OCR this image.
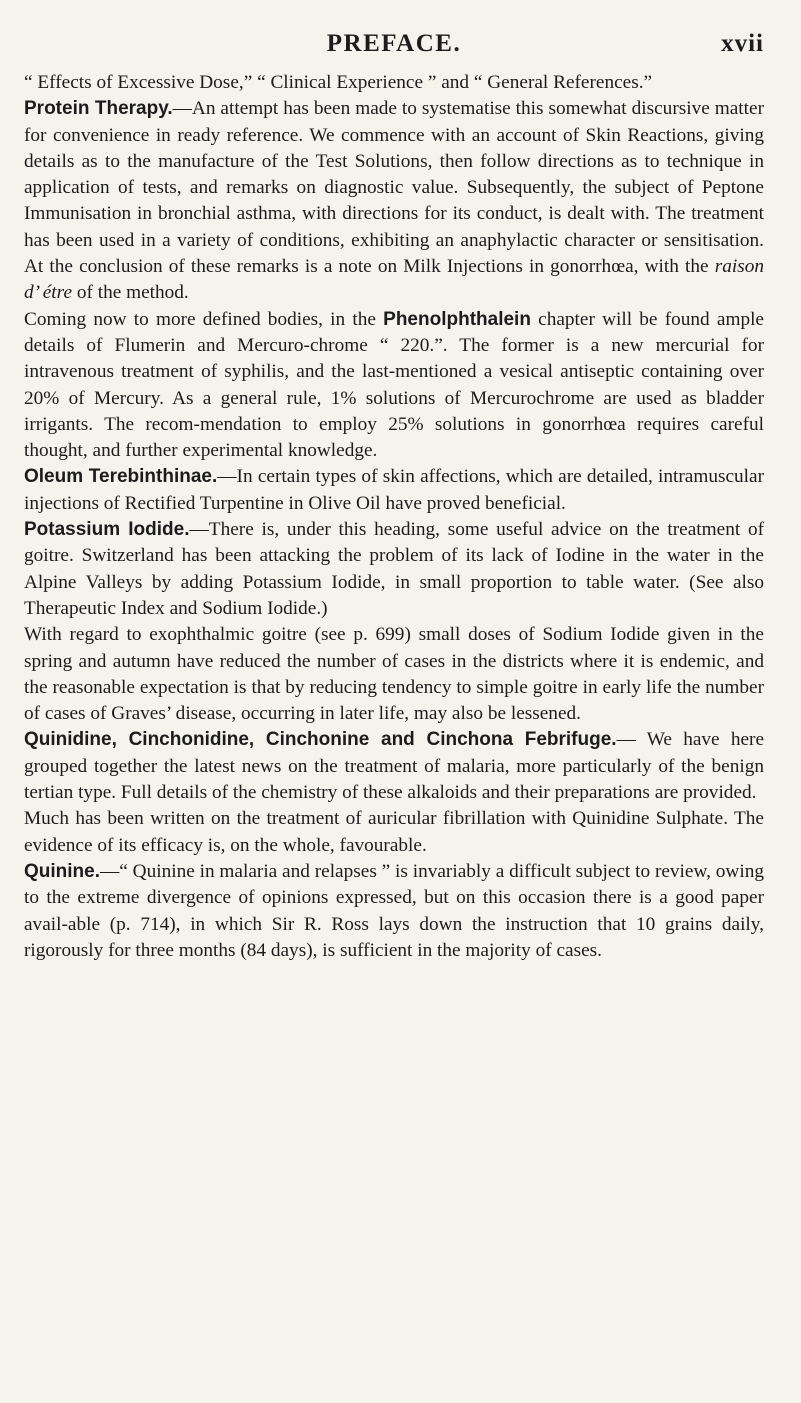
PREFACE.	xvii

“ Effects of Excessive Dose,” “ Clinical Experience ” and “ General References.”

Protein Therapy.—An attempt has been made to systematise this somewhat discursive matter for convenience in ready reference. We commence with an account of Skin Reactions, giving details as to the manufacture of the Test Solutions, then follow directions as to technique in application of tests, and remarks on diagnostic value. Subsequently, the subject of Peptone Immunisation in bronchial asthma, with directions for its conduct, is dealt with. The treatment has been used in a variety of conditions, exhibiting an anaphylactic character or sensitisation. At the conclusion of these remarks is a note on Milk Injections in gonorrhœa, with the raison d’ étre of the method.

Coming now to more defined bodies, in the Phenolphthalein chapter will be found ample details of Flumerin and Mercuro-chrome “ 220.”. The former is a new mercurial for intravenous treatment of syphilis, and the last-mentioned a vesical antiseptic containing over 20% of Mercury. As a general rule, 1% solutions of Mercurochrome are used as bladder irrigants. The recom-mendation to employ 25% solutions in gonorrhœa requires careful thought, and further experimental knowledge.

Oleum Terebinthinae.—In certain types of skin affections, which are detailed, intramuscular injections of Rectified Turpentine in Olive Oil have proved beneficial.

Potassium Iodide.—There is, under this heading, some useful advice on the treatment of goitre. Switzerland has been attacking the problem of its lack of Iodine in the water in the Alpine Valleys by adding Potassium Iodide, in small proportion to table water. (See also Therapeutic Index and Sodium Iodide.)

With regard to exophthalmic goitre (see p. 699) small doses of Sodium Iodide given in the spring and autumn have reduced the number of cases in the districts where it is endemic, and the reasonable expectation is that by reducing tendency to simple goitre in early life the number of cases of Graves’ disease, occurring in later life, may also be lessened.

Quinidine, Cinchonidine, Cinchonine and Cinchona Febrifuge.— We have here grouped together the latest news on the treatment of malaria, more particularly of the benign tertian type. Full details of the chemistry of these alkaloids and their preparations are provided.

Much has been written on the treatment of auricular fibrillation with Quinidine Sulphate. The evidence of its efficacy is, on the whole, favourable.

Quinine.—“ Quinine in malaria and relapses ” is invariably a difficult subject to review, owing to the extreme divergence of opinions expressed, but on this occasion there is a good paper avail-able (p. 714), in which Sir R. Ross lays down the instruction that 10 grains daily, rigorously for three months (84 days), is sufficient in the majority of cases.
